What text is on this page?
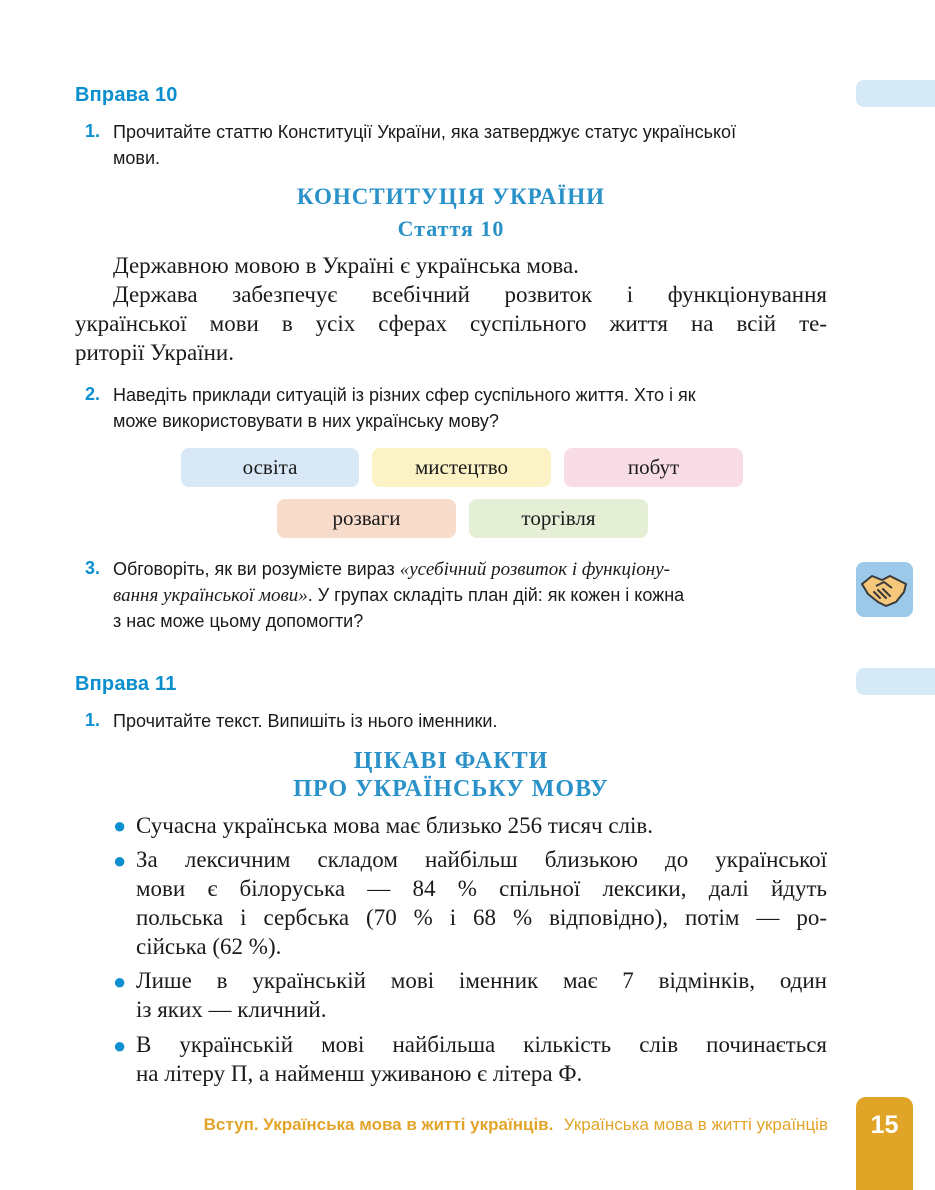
Вправа 10
1. Прочитайте статтю Конституції України, яка затверджує статус української
мови.
КОНСТИТУЦІЯ УКРАЇНИ
Стаття 10
Державною мовою в Україні є українська мова.
Держава забезпечує всебічний розвиток і функціонування
української мови в усіх сферах суспільного життя на всій те-
риторії України.
2. Наведіть приклади ситуацій із різних сфер суспільного життя. Хто і як
може використовувати в них українську мову?
освіта	мистецтво	побут
розваги	торгівля
3. Обговоріть, як ви розумієте вираз «усебічний розвиток і функціону-
вання української мови». У групах складіть план дій: як кожен і кожна
з нас може цьому допомогти?
Вправа 11
1. Прочитайте текст. Випишіть із нього іменники.
ЦІКАВІ ФАКТИ
ПРО УКРАЇНСЬКУ МОВУ
● Сучасна українська мова має близько 256 тисяч слів.
● За лексичним складом найбільш близькою до української
мови є білоруська — 84 % спільної лексики, далі йдуть
польська і сербська (70 % і 68 % відповідно), потім — ро-
сійська (62 %).
● Лише в українській мові іменник має 7 відмінків, один
із яких — кличний.
● В українській мові найбільша кількість слів починається
на літеру П, а найменш уживаною є літера Ф.
Вступ. Українська мова в житті українців. Українська мова в житті українців	15
